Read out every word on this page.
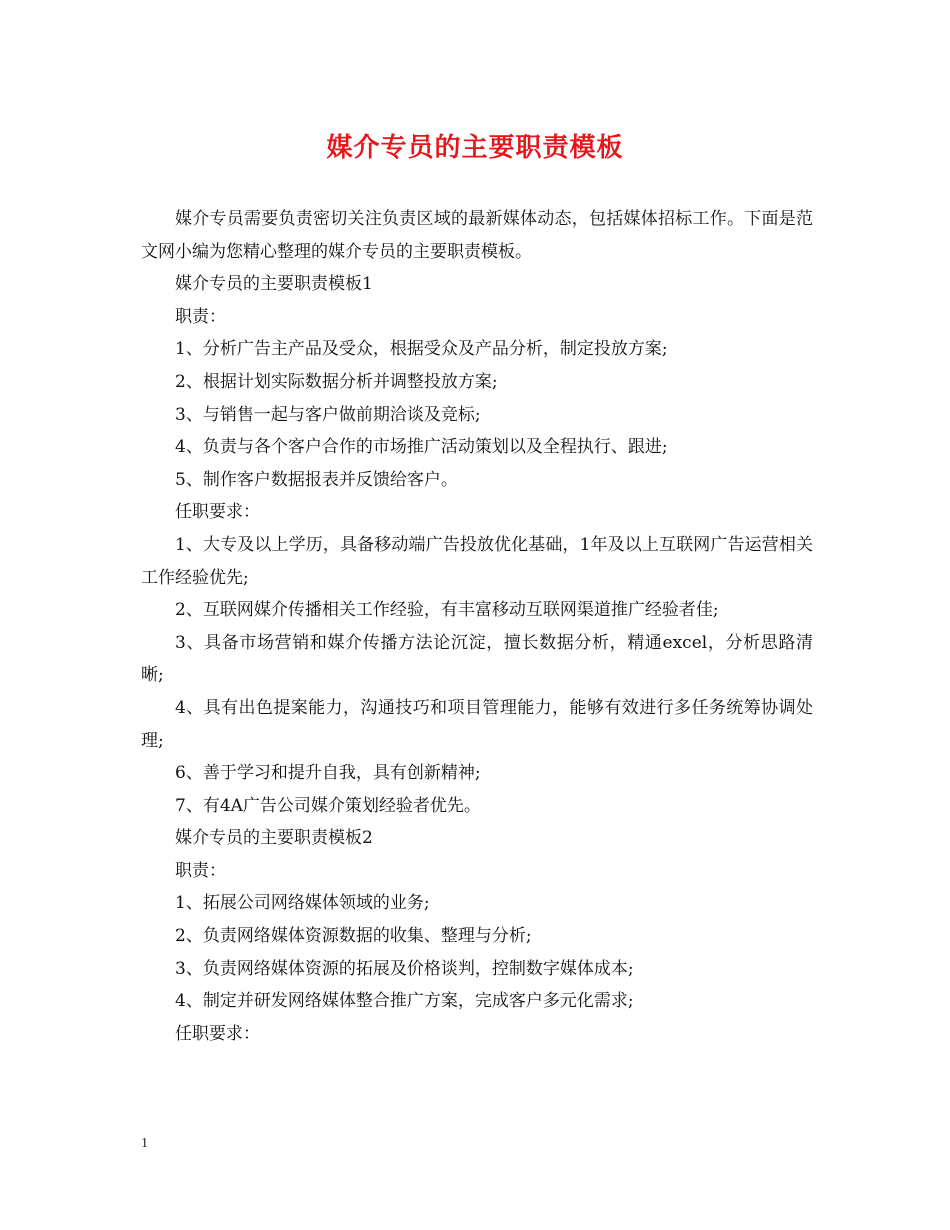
媒介专员的主要职责模板

媒介专员需要负责密切关注负责区域的最新媒体动态，包括媒体招标工作。下面是范文网小编为您精心整理的媒介专员的主要职责模板。

媒介专员的主要职责模板1

职责：

1、分析广告主产品及受众，根据受众及产品分析，制定投放方案;

2、根据计划实际数据分析并调整投放方案;

3、与销售一起与客户做前期洽谈及竞标;

4、负责与各个客户合作的市场推广活动策划以及全程执行、跟进;

5、制作客户数据报表并反馈给客户。

任职要求：

1、大专及以上学历，具备移动端广告投放优化基础，1年及以上互联网广告运营相关工作经验优先;

2、互联网媒介传播相关工作经验，有丰富移动互联网渠道推广经验者佳;

3、具备市场营销和媒介传播方法论沉淀，擅长数据分析，精通excel，分析思路清晰;

4、具有出色提案能力，沟通技巧和项目管理能力，能够有效进行多任务统筹协调处理;

6、善于学习和提升自我，具有创新精神;

7、有4A广告公司媒介策划经验者优先。

媒介专员的主要职责模板2

职责：

1、拓展公司网络媒体领域的业务;

2、负责网络媒体资源数据的收集、整理与分析;

3、负责网络媒体资源的拓展及价格谈判，控制数字媒体成本;

4、制定并研发网络媒体整合推广方案，完成客户多元化需求;

任职要求：

1
